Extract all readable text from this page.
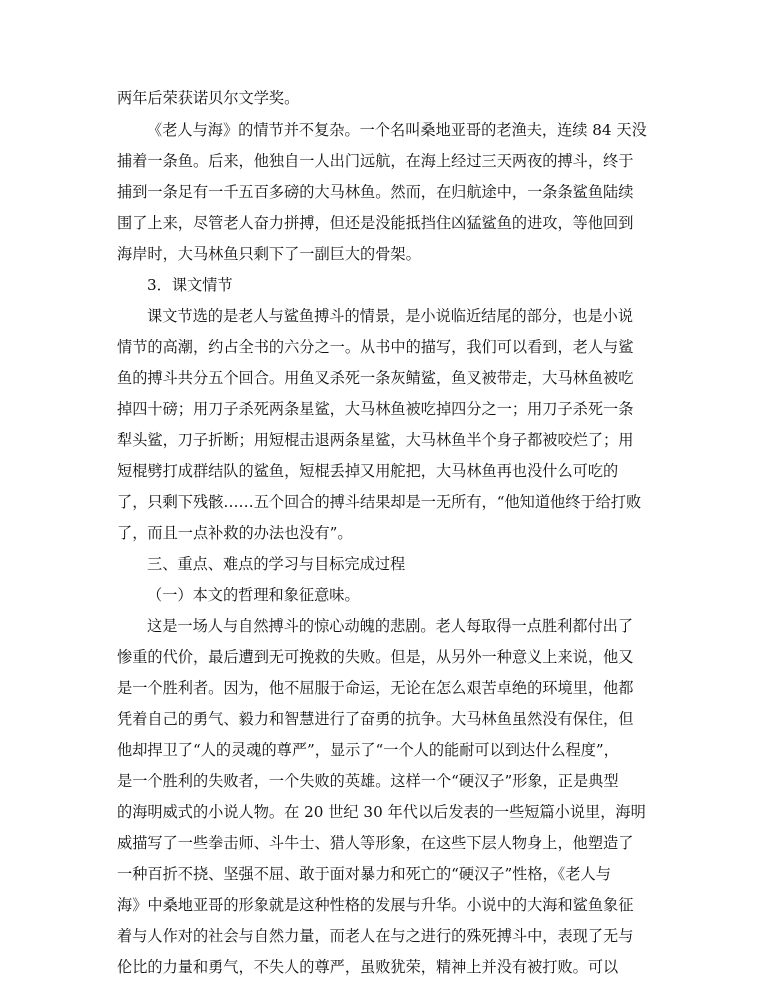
两年后荣获诺贝尔文学奖。
《老人与海》的情节并不复杂。一个名叫桑地亚哥的老渔夫，连续 84 天没
捕着一条鱼。后来，他独自一人出门远航，在海上经过三天两夜的搏斗，终于
捕到一条足有一千五百多磅的大马林鱼。然而，在归航途中，一条条鲨鱼陆续
围了上来，尽管老人奋力拼搏，但还是没能抵挡住凶猛鲨鱼的进攻，等他回到
海岸时，大马林鱼只剩下了一副巨大的骨架。
3．课文情节
课文节选的是老人与鲨鱼搏斗的情景，是小说临近结尾的部分，也是小说
情节的高潮，约占全书的六分之一。从书中的描写，我们可以看到，老人与鲨
鱼的搏斗共分五个回合。用鱼叉杀死一条灰鲭鲨，鱼叉被带走，大马林鱼被吃
掉四十磅；用刀子杀死两条星鲨，大马林鱼被吃掉四分之一；用刀子杀死一条
犁头鲨，刀子折断；用短棍击退两条星鲨，大马林鱼半个身子都被咬烂了；用
短棍劈打成群结队的鲨鱼，短棍丢掉又用舵把，大马林鱼再也没什么可吃的
了，只剩下残骸……五个回合的搏斗结果却是一无所有，“他知道他终于给打败
了，而且一点补救的办法也没有”。
三、重点、难点的学习与目标完成过程
（一）本文的哲理和象征意味。
这是一场人与自然搏斗的惊心动魄的悲剧。老人每取得一点胜利都付出了
惨重的代价，最后遭到无可挽救的失败。但是，从另外一种意义上来说，他又
是一个胜利者。因为，他不屈服于命运，无论在怎么艰苦卓绝的环境里，他都
凭着自己的勇气、毅力和智慧进行了奋勇的抗争。大马林鱼虽然没有保住，但
他却捍卫了“人的灵魂的尊严”，显示了“一个人的能耐可以到达什么程度”，
是一个胜利的失败者，一个失败的英雄。这样一个“硬汉子”形象，正是典型
的海明威式的小说人物。在 20 世纪 30 年代以后发表的一些短篇小说里，海明
威描写了一些拳击师、斗牛士、猎人等形象，在这些下层人物身上，他塑造了
一种百折不挠、坚强不屈、敢于面对暴力和死亡的“硬汉子”性格，《老人与
海》中桑地亚哥的形象就是这种性格的发展与升华。小说中的大海和鲨鱼象征
着与人作对的社会与自然力量，而老人在与之进行的殊死搏斗中，表现了无与
伦比的力量和勇气，不失人的尊严，虽败犹荣，精神上并没有被打败。可以
